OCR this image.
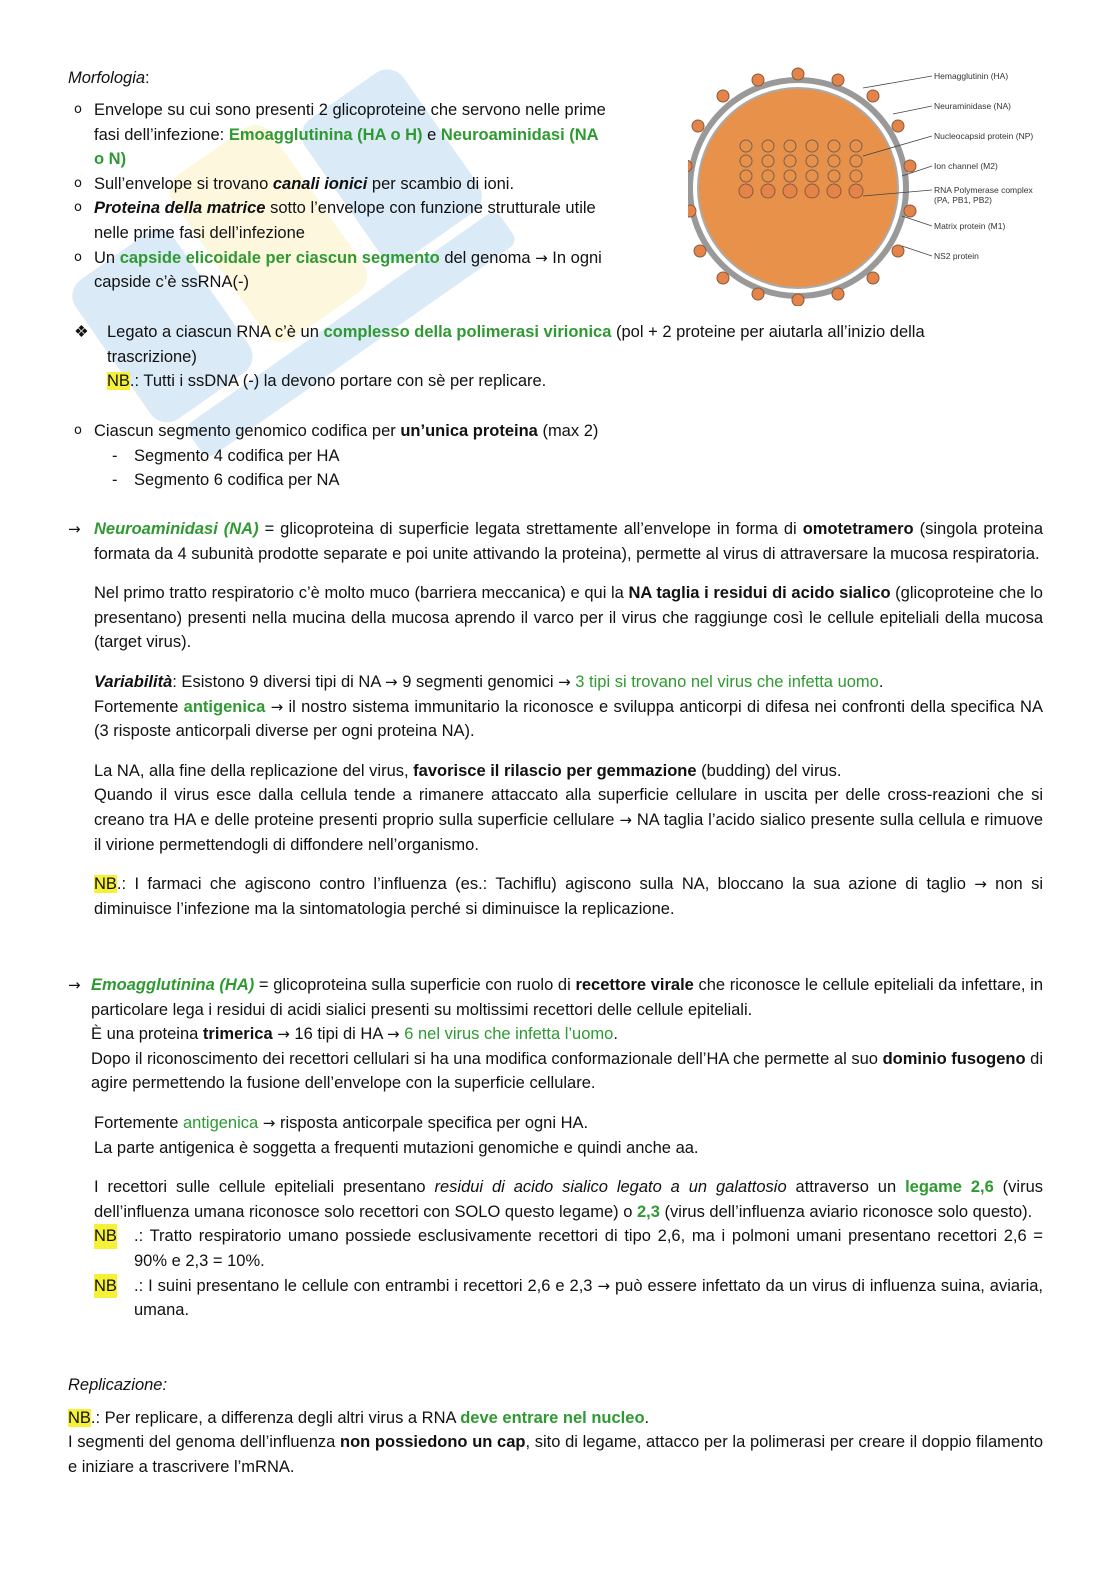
Morfologia:
o Envelope su cui sono presenti 2 glicoproteine che servono nelle prime
fasi dell’infezione: Emoagglutinina (HA o H) e Neuroaminidasi (NA
o N)
o Sull’envelope si trovano canali ionici per scambio di ioni.
o Proteina della matrice sotto l’envelope con funzione strutturale utile
nelle prime fasi dell’infezione
o Un capside elicoidale per ciascun segmento del genoma → In ogni
capside c’è ssRNA(-)
Hemagglutinin (HA)
Neuraminidase (NA)
Nucleocapsid protein (NP)
Ion channel (M2)
RNA Polymerase complex
(PA, PB1, PB2)
Matrix protein (M1)
NS2 protein
❖	Legato a ciascun RNA c’è un complesso della polimerasi virionica (pol + 2 proteine per aiutarla all’inizio della
trascrizione)
NB.: Tutti i ssDNA (-) la devono portare con sè per replicare.
o Ciascun segmento genomico codifica per un’unica proteina (max 2)
- Segmento 4 codifica per HA
- Segmento 6 codifica per NA
→ Neuroaminidasi (NA) = glicoproteina di superficie legata strettamente all’envelope in forma di omotetramero (singola proteina formata da 4 subunità prodotte separate e poi unite attivando la proteina), permette al virus di attraversare la mucosa respiratoria.

Nel primo tratto respiratorio c’è molto muco (barriera meccanica) e qui la NA taglia i residui di acido sialico (glicoproteine che lo presentano) presenti nella mucina della mucosa aprendo il varco per il virus che raggiunge così le cellule epiteliali della mucosa (target virus).

Variabilità: Esistono 9 diversi tipi di NA → 9 segmenti genomici → 3 tipi si trovano nel virus che infetta uomo.
Fortemente antigenica → il nostro sistema immunitario la riconosce e sviluppa anticorpi di difesa nei confronti della specifica NA (3 risposte anticorpali diverse per ogni proteina NA).

La NA, alla fine della replicazione del virus, favorisce il rilascio per gemmazione (budding) del virus.
Quando il virus esce dalla cellula tende a rimanere attaccato alla superficie cellulare in uscita per delle cross-reazioni che si creano tra HA e delle proteine presenti proprio sulla superficie cellulare → NA taglia l’acido sialico presente sulla cellula e rimuove il virione permettendogli di diffondere nell’organismo.

NB.: I farmaci che agiscono contro l’influenza (es.: Tachiflu) agiscono sulla NA, bloccano la sua azione di taglio → non si diminuisce l’infezione ma la sintomatologia perché si diminuisce la replicazione.

→ Emoagglutinina (HA) = glicoproteina sulla superficie con ruolo di recettore virale che riconosce le cellule epiteliali da infettare, in particolare lega i residui di acidi sialici presenti su moltissimi recettori delle cellule epiteliali.
È una proteina trimerica → 16 tipi di HA → 6 nel virus che infetta l’uomo.
Dopo il riconoscimento dei recettori cellulari si ha una modifica conformazionale dell’HA che permette al suo dominio fusogeno di agire permettendo la fusione dell’envelope con la superficie cellulare.

Fortemente antigenica → risposta anticorpale specifica per ogni HA.
La parte antigenica è soggetta a frequenti mutazioni genomiche e quindi anche aa.

I recettori sulle cellule epiteliali presentano residui di acido sialico legato a un galattosio attraverso un legame 2,6 (virus dell’influenza umana riconosce solo recettori con SOLO questo legame) o 2,3 (virus dell’influenza aviario riconosce solo questo).

NB .: Tratto respiratorio umano possiede esclusivamente recettori di tipo 2,6, ma i polmoni umani presentano recettori 2,6 = 90% e 2,3 = 10%.
NB .: I suini presentano le cellule con entrambi i recettori 2,6 e 2,3 → può essere infettato da un virus di influenza suina, aviaria, umana.

Replicazione:

NB.: Per replicare, a differenza degli altri virus a RNA deve entrare nel nucleo.
I segmenti del genoma dell’influenza non possiedono un cap, sito di legame, attacco per la polimerasi per creare il doppio filamento e iniziare a trascrivere l’mRNA.
